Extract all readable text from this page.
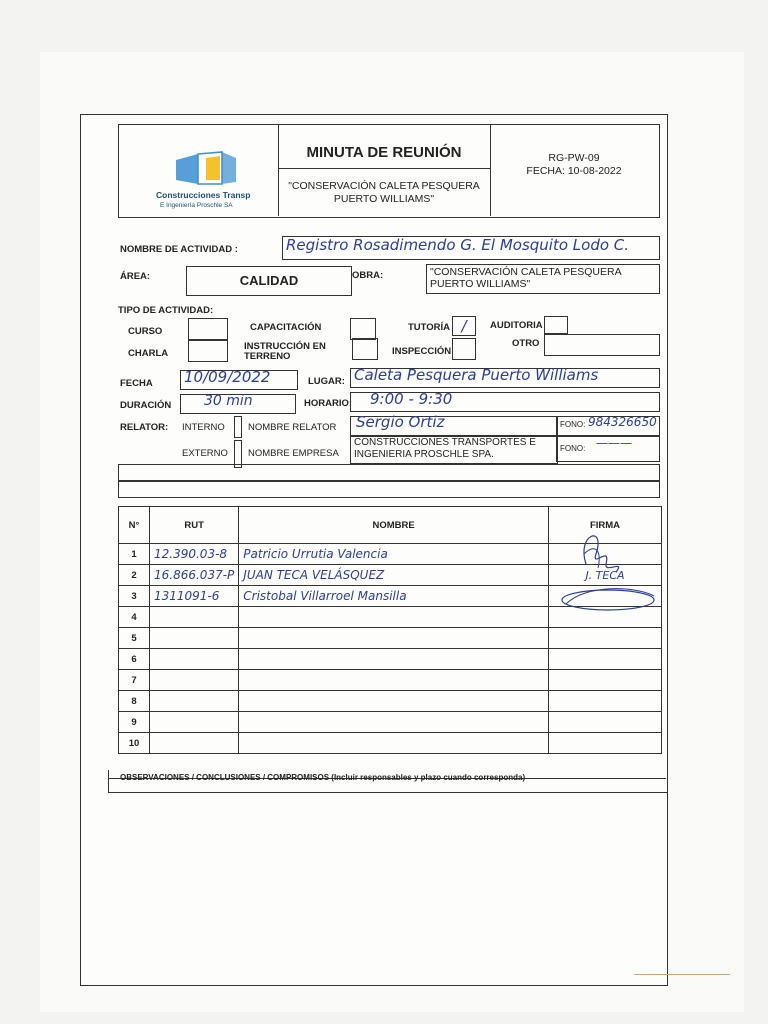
Construcciones Transp
E Ingeniería Proschle SA
MINUTA DE REUNIÓN
"CONSERVACIÓN CALETA PESQUERA PUERTO WILLIAMS"
RG-PW-09
FECHA: 10-08-2022
NOMBRE DE ACTIVIDAD :	Registro Rosadimendo G. El Mosquito Lodo C.
ÁREA:	CALIDAD	OBRA:	"CONSERVACIÓN CALETA PESQUERA PUERTO WILLIAMS"
TIPO DE ACTIVIDAD:
CURSO	CAPACITACIÓN	TUTORÍA /	AUDITORIA
CHARLA
INSTRUCCIÓN EN TERRENO	INSPECCIÓN
OTRO
FECHA 10/09/2022	LUGAR: Caleta Pesquera Puerto Williams
DURACIÓN 30 min	HORARIO: 9:00 - 9:30
RELATOR: INTERNO NOMBRE RELATOR Sergio Ortiz	FONO: 984326650
EXTERNO NOMBRE EMPRESA
CONSTRUCCIONES TRANSPORTES E INGENIERIA PROSCHLE SPA.
FONO: ———
N°	RUT	NOMBRE	FIRMA
1	12.390.03-8	Patricio Urrutia Valencia	
2	16.866.037-P	JUAN TECA VELÁSQUEZ	J. TECA
3	1311091-6	Cristobal Villarroel Mansilla	
4			
5			
6			
7			
8			
9			
10			
OBSERVACIONES / CONCLUSIONES / COMPROMISOS (Incluir responsables y plazo cuando corresponda)
